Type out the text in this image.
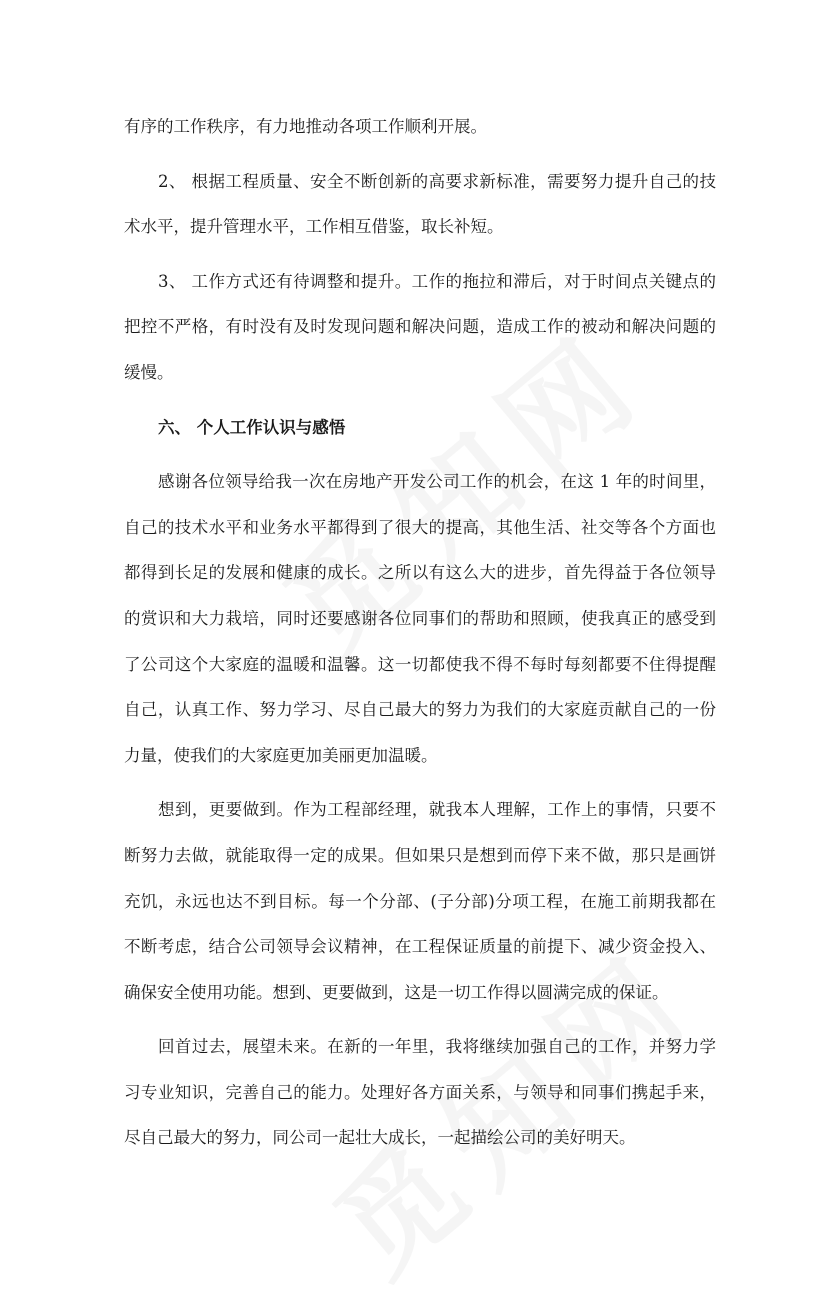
有序的工作秩序，有力地推动各项工作顺利开展。
2、 根据工程质量、安全不断创新的高要求新标准，需要努力提升自己的技
术水平，提升管理水平，工作相互借鉴，取长补短。
3、 工作方式还有待调整和提升。工作的拖拉和滞后，对于时间点关键点的
把控不严格，有时没有及时发现问题和解决问题，造成工作的被动和解决问题的
缓慢。
六、 个人工作认识与感悟
感谢各位领导给我一次在房地产开发公司工作的机会，在这 1 年的时间里，
自己的技术水平和业务水平都得到了很大的提高，其他生活、社交等各个方面也
都得到长足的发展和健康的成长。之所以有这么大的进步，首先得益于各位领导
的赏识和大力栽培，同时还要感谢各位同事们的帮助和照顾，使我真正的感受到
了公司这个大家庭的温暖和温馨。这一切都使我不得不每时每刻都要不住得提醒
自己，认真工作、努力学习、尽自己最大的努力为我们的大家庭贡献自己的一份
力量，使我们的大家庭更加美丽更加温暖。
想到，更要做到。作为工程部经理，就我本人理解，工作上的事情，只要不
断努力去做，就能取得一定的成果。但如果只是想到而停下来不做，那只是画饼
充饥，永远也达不到目标。每一个分部、(子分部)分项工程，在施工前期我都在
不断考虑，结合公司领导会议精神，在工程保证质量的前提下、减少资金投入、
确保安全使用功能。想到、更要做到，这是一切工作得以圆满完成的保证。
回首过去，展望未来。在新的一年里，我将继续加强自己的工作，并努力学
习专业知识，完善自己的能力。处理好各方面关系，与领导和同事们携起手来，
尽自己最大的努力，同公司一起壮大成长，一起描绘公司的美好明天。
